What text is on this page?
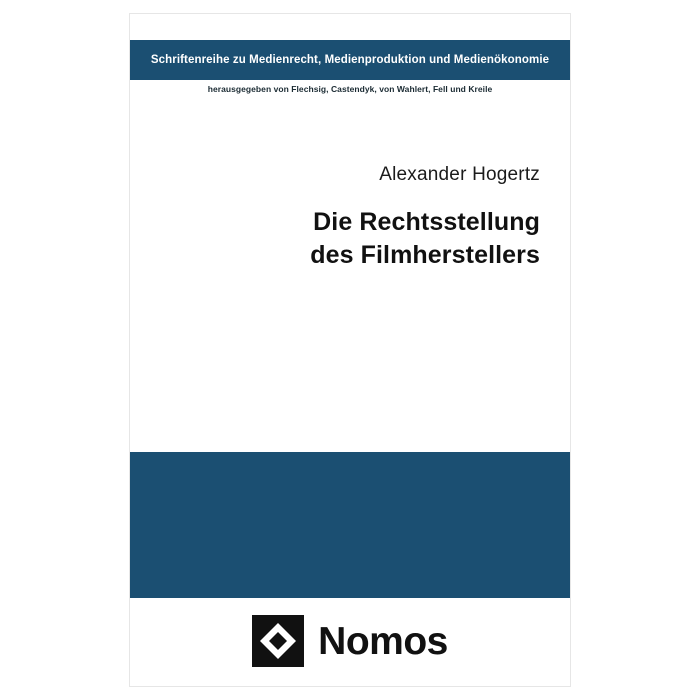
Schriftenreihe zu Medienrecht, Medienproduktion und Medienökonomie
herausgegeben von Flechsig, Castendyk, von Wahlert, Fell und Kreile
Alexander Hogertz
Die Rechtsstellung
des Filmherstellers
Nomos
